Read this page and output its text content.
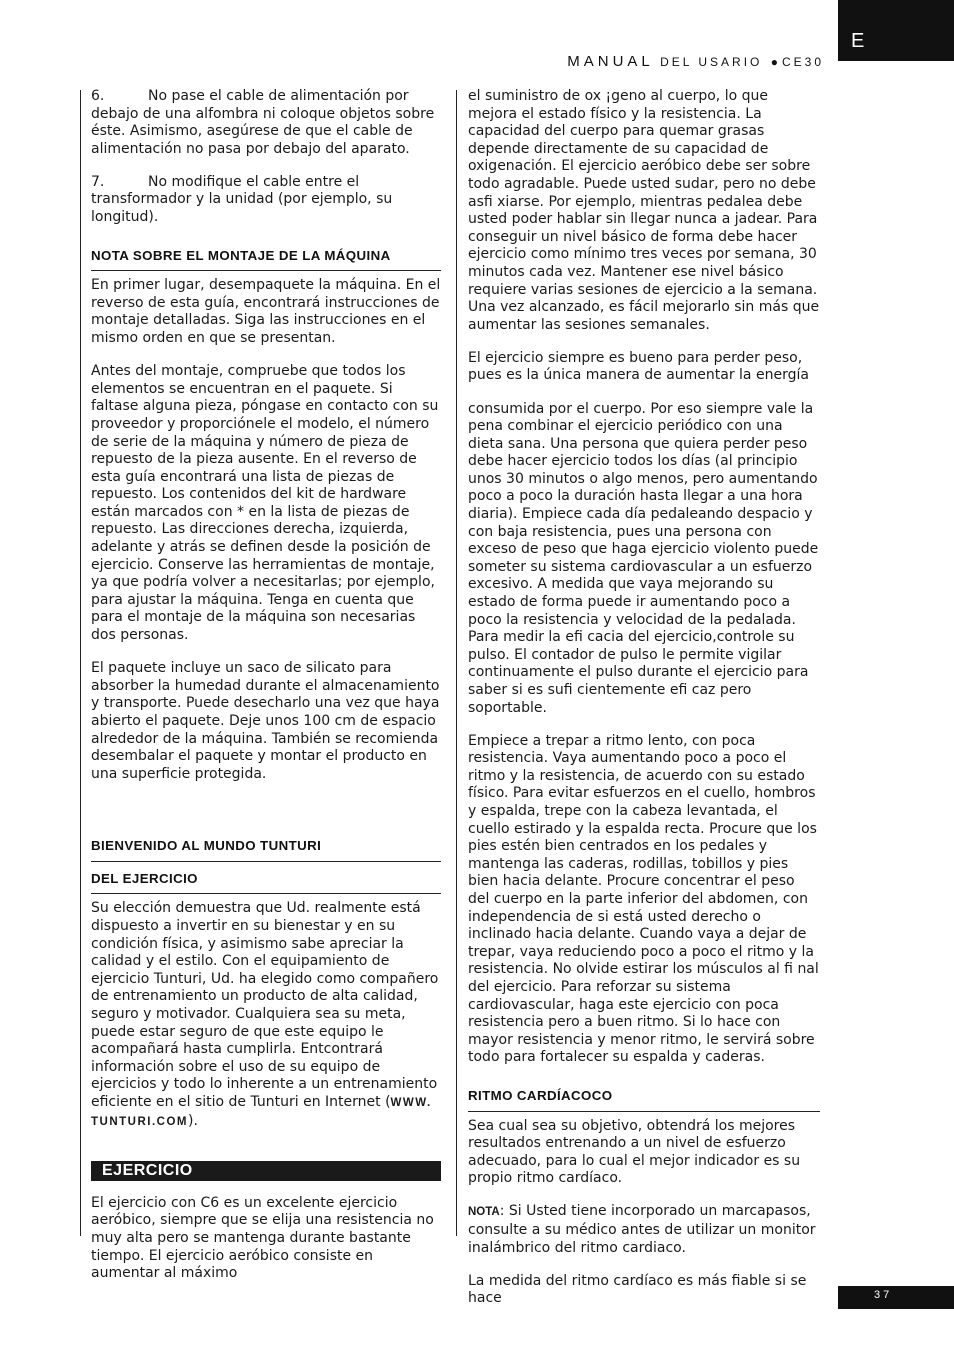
E
MANUAL DEL USARIO ● CE30

6.	No pase el cable de alimentación por debajo de una alfombra ni coloque objetos sobre éste. Asimismo, asegúrese de que el cable de alimentación no pasa por debajo del aparato.

7.	No modifique el cable entre el transformador y la unidad (por ejemplo, su longitud).

NOTA SOBRE EL MONTAJE DE LA MÁQUINA

En primer lugar, desempaquete la máquina. En el reverso de esta guía, encontrará instrucciones de montaje detalladas. Siga las instrucciones en el mismo orden en que se presentan.

Antes del montaje, compruebe que todos los elementos se encuentran en el paquete. Si faltase alguna pieza, póngase en contacto con su proveedor y proporciónele el modelo, el número de serie de la máquina y número de pieza de repuesto de la pieza ausente. En el reverso de esta guía encontrará una lista de piezas de repuesto. Los contenidos del kit de hardware están marcados con * en la lista de piezas de repuesto. Las direcciones derecha, izquierda, adelante y atrás se definen desde la posición de ejercicio. Conserve las herramientas de montaje, ya que podría volver a necesitarlas; por ejemplo, para ajustar la máquina. Tenga en cuenta que para el montaje de la máquina son necesarias dos personas.

El paquete incluye un saco de silicato para absorber la humedad durante el almacenamiento y transporte. Puede desecharlo una vez que haya abierto el paquete. Deje unos 100 cm de espacio alrededor de la máquina. También se recomienda desembalar el paquete y montar el producto en una superficie protegida.

BIENVENIDO AL MUNDO TUNTURI
DEL EJERCICIO

Su elección demuestra que Ud. realmente está dispuesto a invertir en su bienestar y en su condición física, y asimismo sabe apreciar la calidad y el estilo. Con el equipamiento de ejercicio Tunturi, Ud. ha elegido como compañero de entrenamiento un producto de alta calidad, seguro y motivador. Cualquiera sea su meta, puede estar seguro de que este equipo le acompañará hasta cumplirla. Entcontrará información sobre el uso de su equipo de ejercicios y todo lo inherente a un entrenamiento eficiente en el sitio de Tunturi en Internet (WWW. TUNTURI.COM).

EJERCICIO

El ejercicio con C6 es un excelente ejercicio aeróbico, siempre que se elija una resistencia no muy alta pero se mantenga durante bastante tiempo. El ejercicio aeróbico consiste en aumentar al máximo

el suministro de ox ¡geno al cuerpo, lo que mejora el estado físico y la resistencia. La capacidad del cuerpo para quemar grasas depende directamente de su capacidad de oxigenación. El ejercicio aeróbico debe ser sobre todo agradable. Puede usted sudar, pero no debe asfi xiarse. Por ejemplo, mientras pedalea debe usted poder hablar sin llegar nunca a jadear. Para conseguir un nivel básico de forma debe hacer ejercicio como mínimo tres veces por semana, 30 minutos cada vez. Mantener ese nivel básico requiere varias sesiones de ejercicio a la semana. Una vez alcanzado, es fácil mejorarlo sin más que aumentar las sesiones semanales.

El ejercicio siempre es bueno para perder peso, pues es la única manera de aumentar la energía

consumida por el cuerpo. Por eso siempre vale la pena combinar el ejercicio periódico con una dieta sana. Una persona que quiera perder peso debe hacer ejercicio todos los días (al principio unos 30 minutos o algo menos, pero aumentando poco a poco la duración hasta llegar a una hora diaria). Empiece cada día pedaleando despacio y con baja resistencia, pues una persona con exceso de peso que haga ejercicio violento puede someter su sistema cardiovascular a un esfuerzo excesivo. A medida que vaya mejorando su estado de forma puede ir aumentando poco a poco la resistencia y velocidad de la pedalada. Para medir la efi cacia del ejercicio,controle su pulso. El contador de pulso le permite vigilar continuamente el pulso durante el ejercicio para saber si es sufi cientemente efi caz pero soportable.

Empiece a trepar a ritmo lento, con poca resistencia. Vaya aumentando poco a poco el ritmo y la resistencia, de acuerdo con su estado físico. Para evitar esfuerzos en el cuello, hombros y espalda, trepe con la cabeza levantada, el cuello estirado y la espalda recta. Procure que los pies estén bien centrados en los pedales y mantenga las caderas, rodillas, tobillos y pies bien hacia delante. Procure concentrar el peso del cuerpo en la parte inferior del abdomen, con independencia de si está usted derecho o inclinado hacia delante. Cuando vaya a dejar de trepar, vaya reduciendo poco a poco el ritmo y la resistencia. No olvide estirar los músculos al fi nal del ejercicio. Para reforzar su sistema cardiovascular, haga este ejercicio con poca resistencia pero a buen ritmo. Si lo hace con mayor resistencia y menor ritmo, le servirá sobre todo para fortalecer su espalda y caderas.

RITMO CARDÍACOCO

Sea cual sea su objetivo, obtendrá los mejores resultados entrenando a un nivel de esfuerzo adecuado, para lo cual el mejor indicador es su propio ritmo cardíaco.

NOTA: Si Usted tiene incorporado un marcapasos, consulte a su médico antes de utilizar un monitor inalámbrico del ritmo cardiaco.

La medida del ritmo cardíaco es más fiable si se hace	37
